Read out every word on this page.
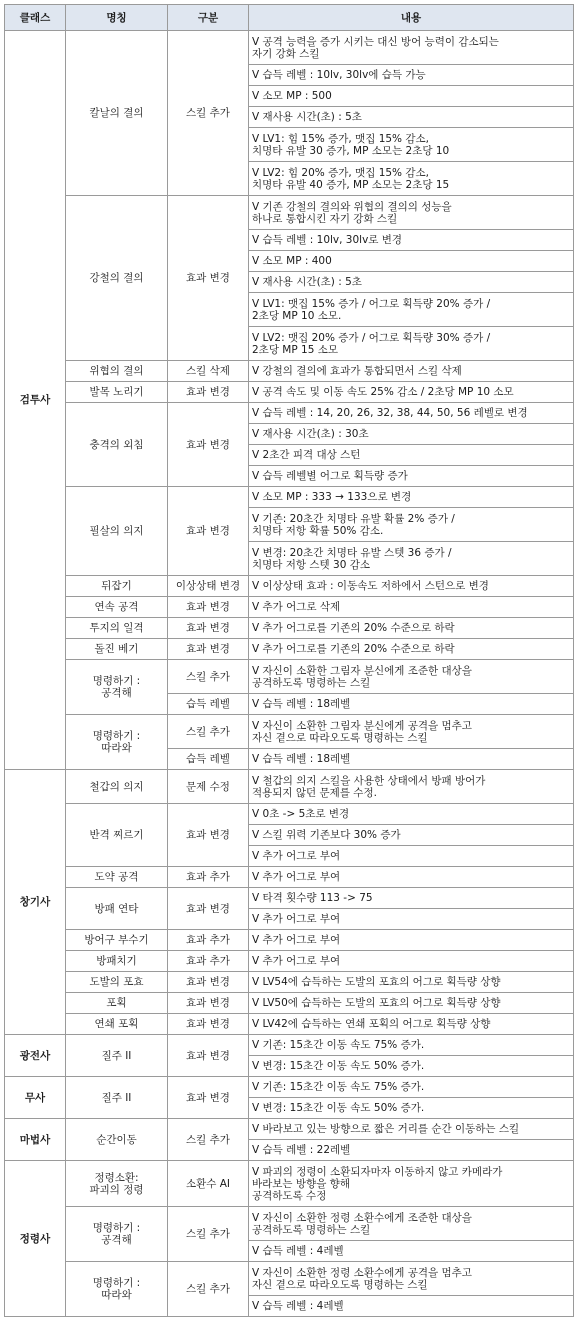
클래스	명칭	구분	내용
검투사	칼날의 결의	스킬 추가	V 공격 능력을 증가 시키는 대신 방어 능력이 감소되는
자기 강화 스킬
			V 습득 레벨 : 10lv, 30lv에 습득 가능
			V 소모 MP : 500
			V 재사용 시간(초) : 5초
			V LV1: 힘 15% 증가, 맷집 15% 감소,
치명타 유발 30 증가, MP 소모는 2초당 10
			V LV2: 힘 20% 증가, 맷집 15% 감소,
치명타 유발 40 증가, MP 소모는 2초당 15
	강철의 결의	효과 변경	V 기존 강철의 결의와 위협의 결의의 성능을
하나로 통합시킨 자기 강화 스킬
			V 습득 레벨 : 10lv, 30lv로 변경
			V 소모 MP : 400
			V 재사용 시간(초) : 5초
			V LV1: 맷집 15% 증가 / 어그로 획득량 20% 증가 /
2초당 MP 10 소모.
			V LV2: 맷집 20% 증가 / 어그로 획득량 30% 증가 /
2초당 MP 15 소모
	위협의 결의	스킬 삭제	V 강철의 결의에 효과가 통합되면서 스킬 삭제
	발목 노리기	효과 변경	V 공격 속도 및 이동 속도 25% 감소 / 2초당 MP 10 소모
	충격의 외침	효과 변경	V 습득 레벨 : 14, 20, 26, 32, 38, 44, 50, 56 레벨로 변경
			V 재사용 시간(초) : 30초
			V 2초간 피격 대상 스턴
			V 습득 레벨별 어그로 획득량 증가
	필살의 의지	효과 변경	V 소모 MP : 333 → 133으로 변경
			V 기존: 20초간 치명타 유발 확률 2% 증가 /
치명타 저항 확률 50% 감소.
			V 변경: 20초간 치명타 유발 스텟 36 증가 /
치명타 저항 스텟 30 감소
	뒤잡기	이상상태 변경	V 이상상태 효과 : 이동속도 저하에서 스턴으로 변경
	연속 공격	효과 변경	V 추가 어그로 삭제
	투지의 일격	효과 변경	V 추가 어그로를 기존의 20% 수준으로 하락
	돌진 베기	효과 변경	V 추가 어그로를 기존의 20% 수준으로 하락
	명령하기 :
공격해	스킬 추가	V 자신이 소환한 그림자 분신에게 조준한 대상을
공격하도록 명령하는 스킬
		습득 레벨	V 습득 레벨 : 18레벨
	명령하기 :
따라와	스킬 추가	V 자신이 소환한 그림자 분신에게 공격을 멈추고
자신 곁으로 따라오도록 명령하는 스킬
		습득 레벨	V 습득 레벨 : 18레벨
창기사	철갑의 의지	문제 수정	V 철갑의 의지 스킬을 사용한 상태에서 방패 방어가
적용되지 않던 문제를 수정.
	반격 찌르기	효과 변경	V 0초 -> 5초로 변경
			V 스킬 위력 기존보다 30% 증가
			V 추가 어그로 부여
	도약 공격	효과 추가	V 추가 어그로 부여
	방패 연타	효과 변경	V 타격 횟수량 113 -> 75
			V 추가 어그로 부여
	방어구 부수기	효과 추가	V 추가 어그로 부여
	방패치기	효과 추가	V 추가 어그로 부여
	도발의 포효	효과 변경	V LV54에 습득하는 도발의 포효의 어그로 획득량 상향
	포획	효과 변경	V LV50에 습득하는 도발의 포효의 어그로 획득량 상향
	연쇄 포획	효과 변경	V LV42에 습득하는 연쇄 포획의 어그로 획득량 상향
광전사	질주 II	효과 변경	V 기존: 15초간 이동 속도 75% 증가.
			V 변경: 15초간 이동 속도 50% 증가.
무사	질주 II	효과 변경	V 기존: 15초간 이동 속도 75% 증가.
			V 변경: 15초간 이동 속도 50% 증가.
마법사	순간이동	스킬 추가	V 바라보고 있는 방향으로 짧은 거리를 순간 이동하는 스킬
			V 습득 레벨 : 22레벨
정령사	정령소환:
파괴의 정령	소환수 AI	V 파괴의 정령이 소환되자마자 이동하지 않고 카메라가
바라보는 방향을 향해
공격하도록 수정
	명령하기 :
공격해	스킬 추가	V 자신이 소환한 정령 소환수에게 조준한 대상을
공격하도록 명령하는 스킬
			V 습득 레벨 : 4레벨
	명령하기 :
따라와	스킬 추가	V 자신이 소환한 정령 소환수에게 공격을 멈추고
자신 곁으로 따라오도록 명령하는 스킬
			V 습득 레벨 : 4레벨
